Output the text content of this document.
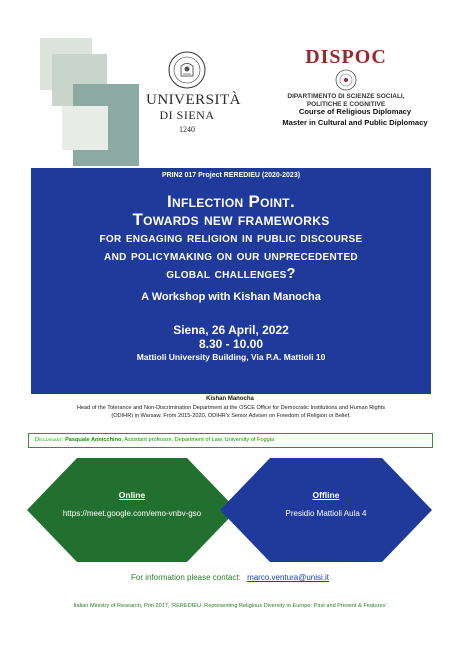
UNIVERSITÀ
DI SIENA
1240
DISPOC
DIPARTIMENTO DI SCIENZE SOCIALI,
POLITICHE E COGNITIVE
Course of Religious Diplomacy
Master in Cultural and Public Diplomacy
PRIN2 017 Project REREDIEU (2020-2023)
Inflection Point.
Towards new frameworks
for engaging religion in public discourse
and policymaking on our unprecedented
global challenges?
A Workshop with Kishan Manocha
Siena, 26 April, 2022
8.30 - 10.00
Mattioli University Building, Via P.A. Mattioli 10
Kishan Manocha
Head of the Tolerance and Non-Discrimination Department at the OSCE Office for Democratic Institutions and Human Rights
(ODIHR) in Warsaw. From 2015-2020, ODIHR's Senior Adviser on Freedom of Religion or Belief.
Discussant: Pasquale Annicchino, Assistant professor, Department of Law, University of Foggia
Online
https://meet.google.com/emo-vnbv-gso
Offline
Presidio Mattioli Aula 4
For information please contact: marco.ventura@unisi.it
Italian Ministry of Research, Prin 2017, 'REREDIEU. Representing Religious Diversity in Europe: Past and Present & Features'
